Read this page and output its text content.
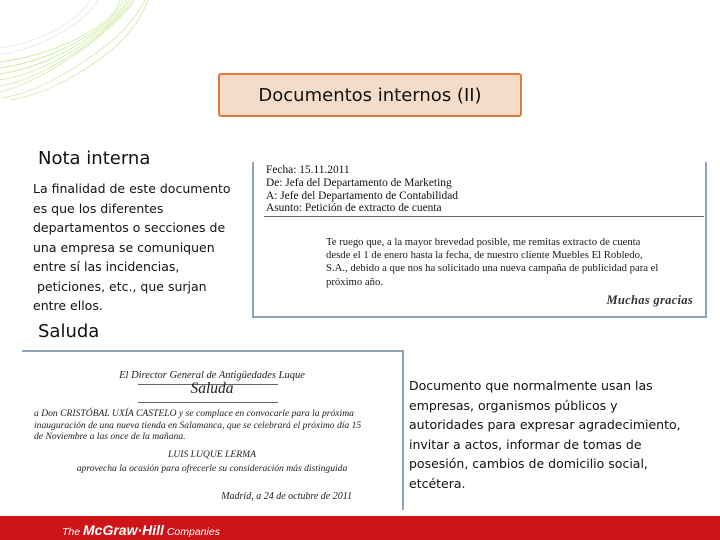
Documentos internos (II)
Nota interna
La finalidad de este documento
es que los diferentes
departamentos o secciones de
una empresa se comuniquen
entre sí las incidencias,
peticiones, etc., que surjan
entre ellos.
Fecha: 15.11.2011
De: Jefa del Departamento de Marketing
A: Jefe del Departamento de Contabilidad
Asunto: Petición de extracto de cuenta
Te ruego que, a la mayor brevedad posible, me remitas extracto de cuenta
desde el 1 de enero hasta la fecha, de nuestro cliente Muebles El Robledo,
S.A., debido a que nos ha solicitado una nueva campaña de publicidad para el
próximo año.
Muchas gracias
Saluda
El Director General de Antigüedades Luque
Saluda
a Don CRISTÓBAL UXÍA CASTELO y se complace en convocarle para la próxima
inauguración de una nueva tienda en Salamanca, que se celebrará el próximo día 15
de Noviembre a las once de la mañana.
LUIS LUQUE LERMA
aprovecha la ocasión para ofrecerle su consideración más distinguida
Madrid, a 24 de octubre de 2011
Documento que normalmente usan las
empresas, organismos públicos y
autoridades para expresar agradecimiento,
invitar a actos, informar de tomas de
posesión, cambios de domicilio social,
etcétera.
The McGraw·Hill Companies
